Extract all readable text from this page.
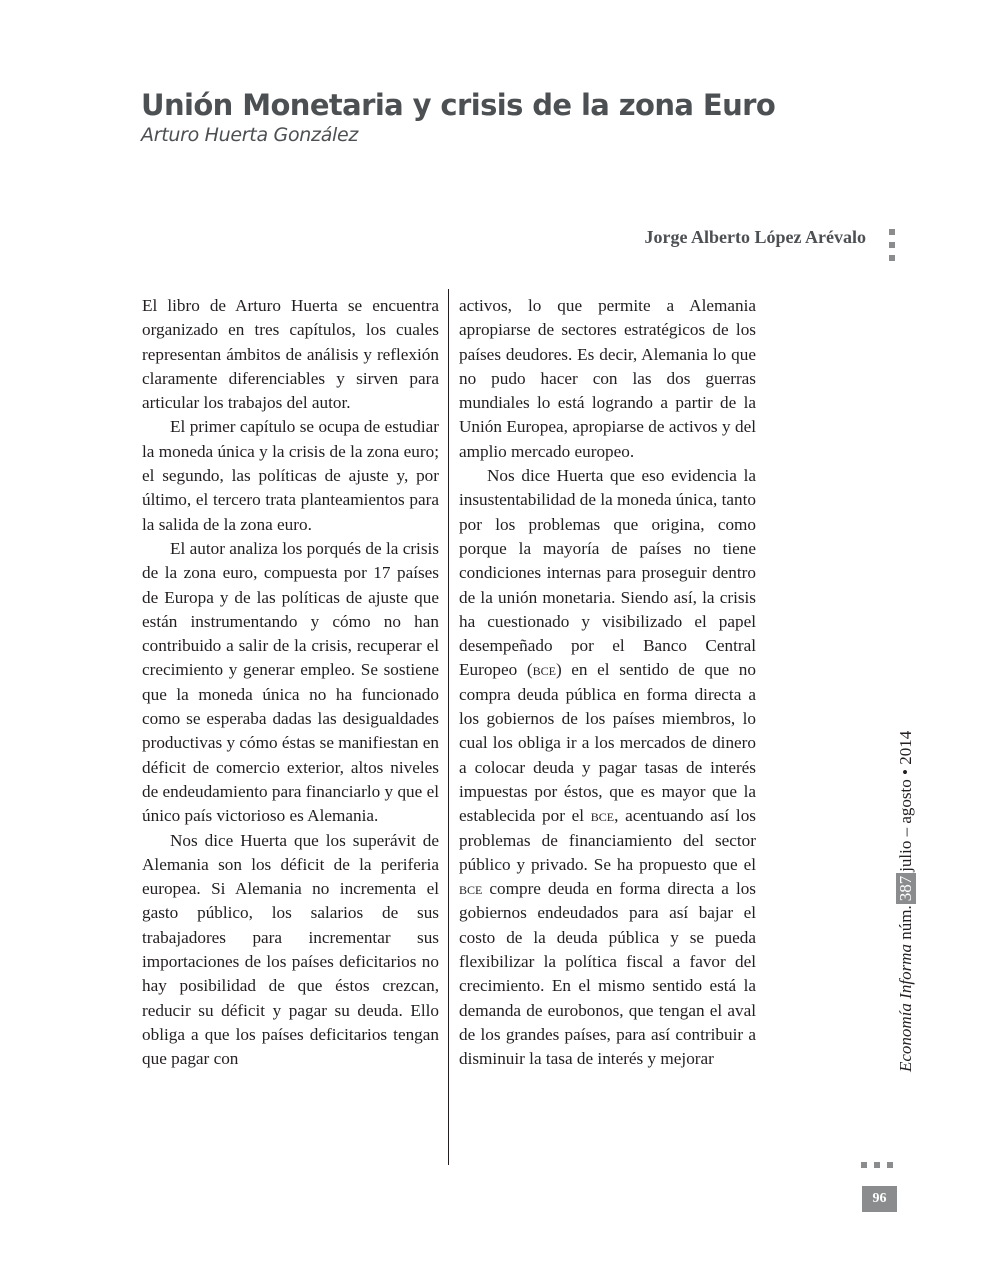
Unión Monetaria y crisis de la zona Euro

Arturo Huerta González

Jorge Alberto López Arévalo

El libro de Arturo Huerta se encuentra organizado en tres capítulos, los cuales representan ámbitos de análisis y reflexión claramente diferenciables y sirven para articular los trabajos del autor.

El primer capítulo se ocupa de estudiar la moneda única y la crisis de la zona euro; el segundo, las políticas de ajuste y, por último, el tercero trata planteamientos para la salida de la zona euro.

El autor analiza los porqués de la crisis de la zona euro, compuesta por 17 países de Europa y de las políticas de ajuste que están instrumentando y cómo no han contribuido a salir de la crisis, recuperar el crecimiento y generar empleo. Se sostiene que la moneda única no ha funcionado como se esperaba dadas las desigualdades productivas y cómo éstas se manifiestan en déficit de comercio exterior, altos niveles de endeudamiento para financiarlo y que el único país victorioso es Alemania.

Nos dice Huerta que los superávit de Alemania son los déficit de la periferia europea. Si Alemania no incrementa el gasto público, los salarios de sus trabajadores para incrementar sus importaciones de los países deficitarios no hay posibilidad de que éstos crezcan, reducir su déficit y pagar su deuda. Ello obliga a que los países deficitarios tengan que pagar con

activos, lo que permite a Alemania apropiarse de sectores estratégicos de los países deudores. Es decir, Alemania lo que no pudo hacer con las dos guerras mundiales lo está logrando a partir de la Unión Europea, apropiarse de activos y del amplio mercado europeo.

Nos dice Huerta que eso evidencia la insustentabilidad de la moneda única, tanto por los problemas que origina, como porque la mayoría de países no tiene condiciones internas para proseguir dentro de la unión monetaria. Siendo así, la crisis ha cuestionado y visibilizado el papel desempeñado por el Banco Central Europeo (bce) en el sentido de que no compra deuda pública en forma directa a los gobiernos de los países miembros, lo cual los obliga ir a los mercados de dinero a colocar deuda y pagar tasas de interés impuestas por éstos, que es mayor que la establecida por el bce, acentuando así los problemas de financiamiento del sector público y privado. Se ha propuesto que el bce compre deuda en forma directa a los gobiernos endeudados para así bajar el costo de la deuda pública y se pueda flexibilizar la política fiscal a favor del crecimiento. En el mismo sentido está la demanda de eurobonos, que tengan el aval de los grandes países, para así contribuir a disminuir la tasa de interés y mejorar	Economía Informa

núm.
387
julio – agosto • 2014
96
